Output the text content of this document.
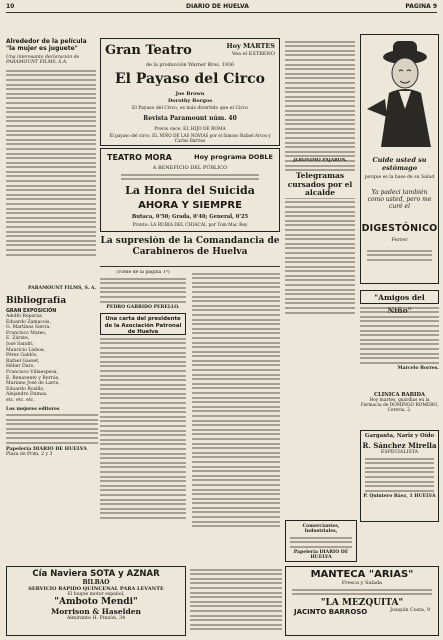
10	DIARIO DE HUELVA	PAGINA 9
Alrededor de la película "la mujer es juguete"
Una interesante declaración de PARAMOUNT FILMS, S.A.
PARAMOUNT FILMS, S. A.
Bibliografía
GRAN EXPOSICIÓN
Adolfo Reparaz,
Eduardo Zamacois,
G. Martínez Sierra,
Francisco Mateo,
E. Zárate,
José Sandri,
Mauricio Lisboa,
Pérez Galdós,
Rafael Gasset,
Héber Daro,
Francisco Villaespesa,
E. Benavente y Borrás,
Mariano José de Larra,
Eduardo Rosillo,
Alejandro Dumas,
etc. etc. etc.
Los mejores editores
Papelería DIARIO DE HUELVA
Plaza de Prim, 2 y 3
Gran Teatro	Hoy MARTES
Vea el ESTRENO
de la producción Warner Bros. 1936
El Payaso del Circo
Joe Brown
Dorothy Borgos
El Payaso del Circo, es más divertido que el Circo
Revista Paramount núm. 40
Precio once, EL HIJO DE ROMA
El payaso del circo, EL NIÑO DE LAS NOVIAS por el famoso Rafael Arcos y Carlos Barrios
TEATRO MORA	Hoy programa DOBLE
A BENEFICIO DEL PÚBLICO
La Honra del Suicida
AHORA Y SIEMPRE
Butaca, 0'50; Grada, 0'40; General, 0'25
Pronto: LA RUBIA DEL CHIACAI, por Tom Mac Rey
La supresión de la Comandancia de Carabineros de Huelva
(Viene de la página 1ª)
PEDRO GARRIDO PERELLO.
Una carta del presidente de la Asociación Patronal de Huelva
JERONIMO PAJARON.
Telegramas cursados por el alcalde
Cuide usted su estómago
porque es la base de su Salud
Ya padeci también como usted, pero me curé el
DIGESTÓNICO
Ferrer
"Amigos del
Marcelo Borres.
CLINICA RABIDA
Hoy martes, guardias en la Farmacia de DOMINGO ROMERO, Cereria, 2.
Garganta, Nariz y Oído
R. Sánchez Mirella
ESPECIALISTA
P. Quintero Báez, 1 HUELVA
Comerciantes, Industriales,
Papelería DIARIO DE HUELVA
Cía Naviera SOTA y AZNAR
BILBAO
SERVICIO RÁPIDO QUINCENAL PARA LEVANTE
El buque motor español,
"Amboto Mendi"
Morrison & Haselden
Almirante H. Pinzón, 34
MANTECA "ARIAS"
Fresca y Salada
"LA MEZQUITA"
JACINTO BARROSO	Joaquín Costa, 9
